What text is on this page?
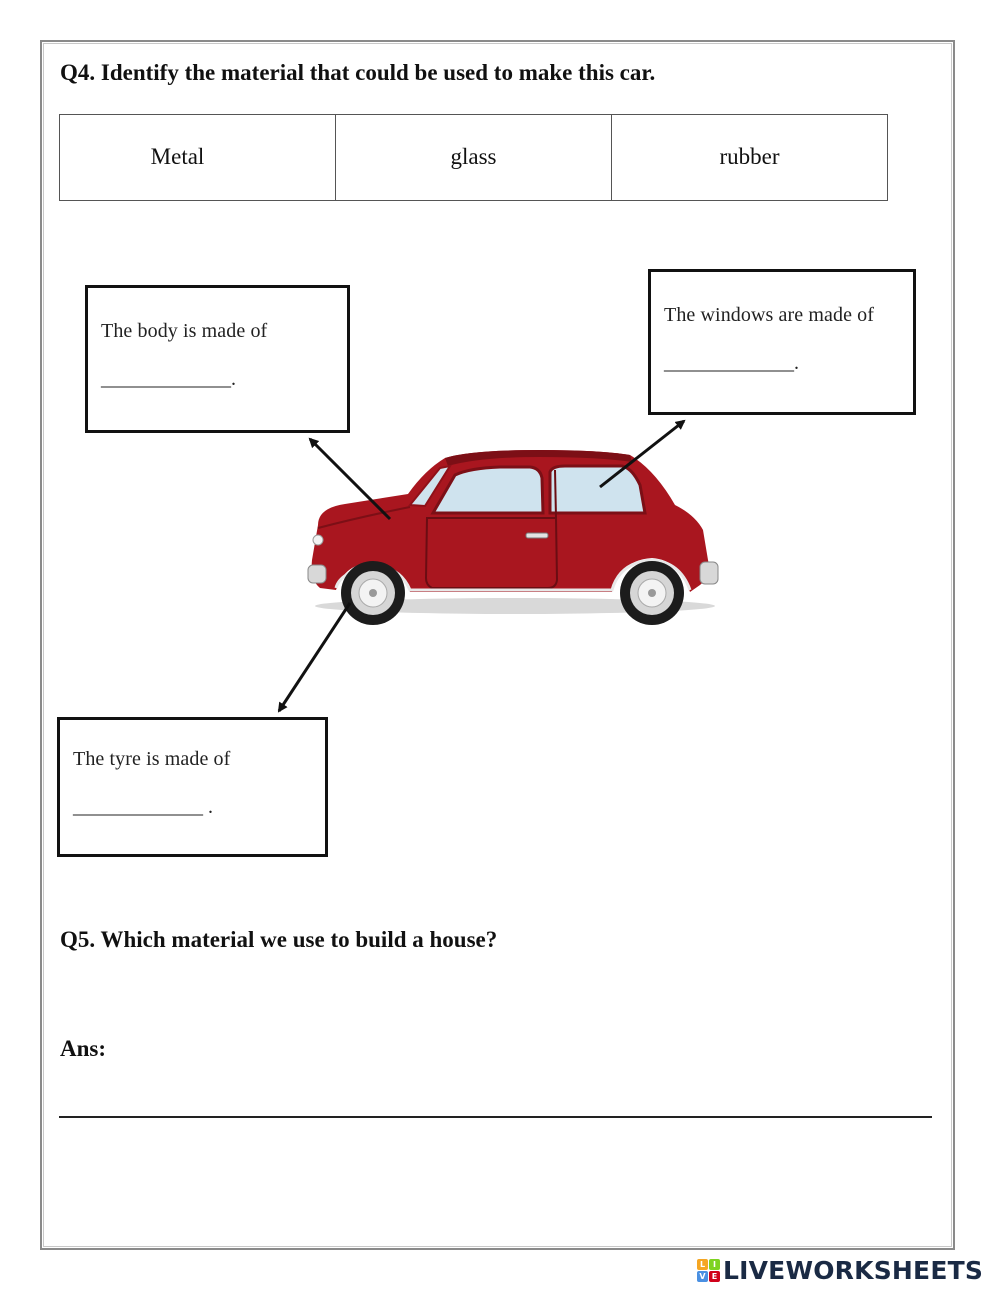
Q4. Identify the material that could be used to make this car.
Metal	glass	rubber
The body is made of
_____________.
The windows are made of
_____________.
The tyre is made of
_____________ .
Q5. Which material we use to build a house?
Ans:
L I
V E LIVEWORKSHEETS
